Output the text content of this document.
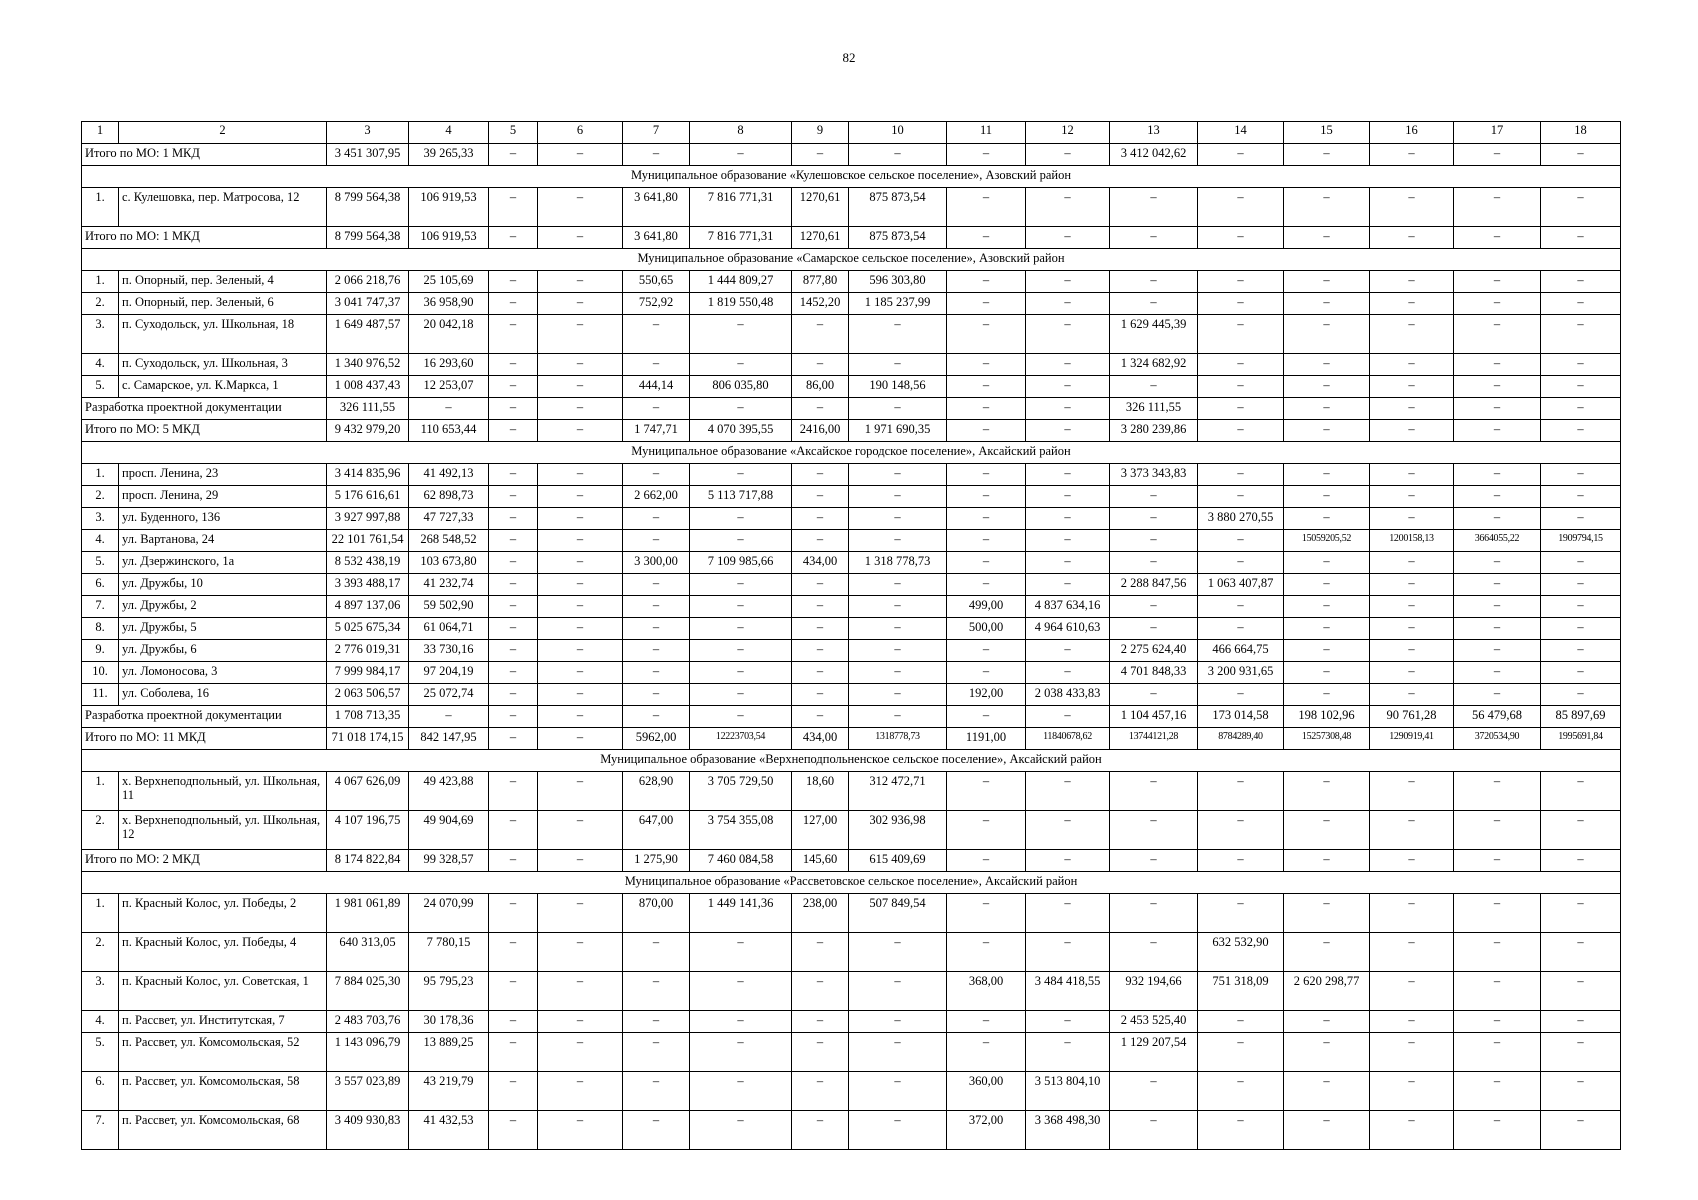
82
1	2	3	4	5	6	7	8	9	10	11	12	13	14	15	16	17	18
Итого по МО: 1 МКД		3 451 307,95	39 265,33	–	–	–	–	–	–	–	–	3 412 042,62	–	–	–	–	–
Муниципальное образование «Кулешовское сельское поселение», Азовский район																	
1.	с. Кулешовка, пер. Матросова, 12	8 799 564,38	106 919,53	–	–	3 641,80	7 816 771,31	1270,61	875 873,54	–	–	–	–	–	–	–	–
Итого по МО: 1 МКД		8 799 564,38	106 919,53	–	–	3 641,80	7 816 771,31	1270,61	875 873,54	–	–	–	–	–	–	–	–
Муниципальное образование «Самарское сельское поселение», Азовский район																	
1.	п. Опорный, пер. Зеленый, 4	2 066 218,76	25 105,69	–	–	550,65	1 444 809,27	877,80	596 303,80	–	–	–	–	–	–	–	–
2.	п. Опорный, пер. Зеленый, 6	3 041 747,37	36 958,90	–	–	752,92	1 819 550,48	1452,20	1 185 237,99	–	–	–	–	–	–	–	–
3.	п. Суходольск, ул. Школьная, 18	1 649 487,57	20 042,18	–	–	–	–	–	–	–	–	1 629 445,39	–	–	–	–	–
4.	п. Суходольск, ул. Школьная, 3	1 340 976,52	16 293,60	–	–	–	–	–	–	–	–	1 324 682,92	–	–	–	–	–
5.	с. Самарское, ул. К.Маркса, 1	1 008 437,43	12 253,07	–	–	444,14	806 035,80	86,00	190 148,56	–	–	–	–	–	–	–	–
Разработка проектной документации		326 111,55	–	–	–	–	–	–	–	–	–	326 111,55	–	–	–	–	–
Итого по МО: 5 МКД		9 432 979,20	110 653,44	–	–	1 747,71	4 070 395,55	2416,00	1 971 690,35	–	–	3 280 239,86	–	–	–	–	–
Муниципальное образование «Аксайское городское поселение», Аксайский район																	
1.	просп. Ленина, 23	3 414 835,96	41 492,13	–	–	–	–	–	–	–	–	3 373 343,83	–	–	–	–	–
2.	просп. Ленина, 29	5 176 616,61	62 898,73	–	–	2 662,00	5 113 717,88	–	–	–	–	–	–	–	–	–	–
3.	ул. Буденного, 136	3 927 997,88	47 727,33	–	–	–	–	–	–	–	–	–	3 880 270,55	–	–	–	–
4.	ул. Вартанова, 24	22 101 761,54	268 548,52	–	–	–	–	–	–	–	–	–	–	15059205,52	1200158,13	3664055,22	1909794,15
5.	ул. Дзержинского, 1а	8 532 438,19	103 673,80	–	–	3 300,00	7 109 985,66	434,00	1 318 778,73	–	–	–	–	–	–	–	–
6.	ул. Дружбы, 10	3 393 488,17	41 232,74	–	–	–	–	–	–	–	–	2 288 847,56	1 063 407,87	–	–	–	–
7.	ул. Дружбы, 2	4 897 137,06	59 502,90	–	–	–	–	–	–	499,00	4 837 634,16	–	–	–	–	–	–
8.	ул. Дружбы, 5	5 025 675,34	61 064,71	–	–	–	–	–	–	500,00	4 964 610,63	–	–	–	–	–	–
9.	ул. Дружбы, 6	2 776 019,31	33 730,16	–	–	–	–	–	–	–	–	2 275 624,40	466 664,75	–	–	–	–
10.	ул. Ломоносова, 3	7 999 984,17	97 204,19	–	–	–	–	–	–	–	–	4 701 848,33	3 200 931,65	–	–	–	–
11.	ул. Соболева, 16	2 063 506,57	25 072,74	–	–	–	–	–	–	192,00	2 038 433,83	–	–	–	–	–	–
Разработка проектной документации		1 708 713,35	–	–	–	–	–	–	–	–	–	1 104 457,16	173 014,58	198 102,96	90 761,28	56 479,68	85 897,69
Итого по МО: 11 МКД		71 018 174,15	842 147,95	–	–	5962,00	12223703,54	434,00	1318778,73	1191,00	11840678,62	13744121,28	8784289,40	15257308,48	1290919,41	3720534,90	1995691,84
Муниципальное образование «Верхнеподпольненское сельское поселение», Аксайский район																	
1.	х. Верхнеподпольный, ул. Школьная, 11	4 067 626,09	49 423,88	–	–	628,90	3 705 729,50	18,60	312 472,71	–	–	–	–	–	–	–	–
2.	х. Верхнеподпольный, ул. Школьная, 12	4 107 196,75	49 904,69	–	–	647,00	3 754 355,08	127,00	302 936,98	–	–	–	–	–	–	–	–
Итого по МО: 2 МКД		8 174 822,84	99 328,57	–	–	1 275,90	7 460 084,58	145,60	615 409,69	–	–	–	–	–	–	–	–
Муниципальное образование «Рассветовское сельское поселение», Аксайский район																	
1.	п. Красный Колос, ул. Победы, 2	1 981 061,89	24 070,99	–	–	870,00	1 449 141,36	238,00	507 849,54	–	–	–	–	–	–	–	–
2.	п. Красный Колос, ул. Победы, 4	640 313,05	7 780,15	–	–	–	–	–	–	–	–	–	632 532,90	–	–	–	–
3.	п. Красный Колос, ул. Советская, 1	7 884 025,30	95 795,23	–	–	–	–	–	–	368,00	3 484 418,55	932 194,66	751 318,09	2 620 298,77	–	–	–
4.	п. Рассвет, ул. Институтская, 7	2 483 703,76	30 178,36	–	–	–	–	–	–	–	–	2 453 525,40	–	–	–	–	–
5.	п. Рассвет, ул. Комсомольская, 52	1 143 096,79	13 889,25	–	–	–	–	–	–	–	–	1 129 207,54	–	–	–	–	–
6.	п. Рассвет, ул. Комсомольская, 58	3 557 023,89	43 219,79	–	–	–	–	–	–	360,00	3 513 804,10	–	–	–	–	–	–
7.	п. Рассвет, ул. Комсомольская, 68	3 409 930,83	41 432,53	–	–	–	–	–	–	372,00	3 368 498,30	–	–	–	–	–	–
